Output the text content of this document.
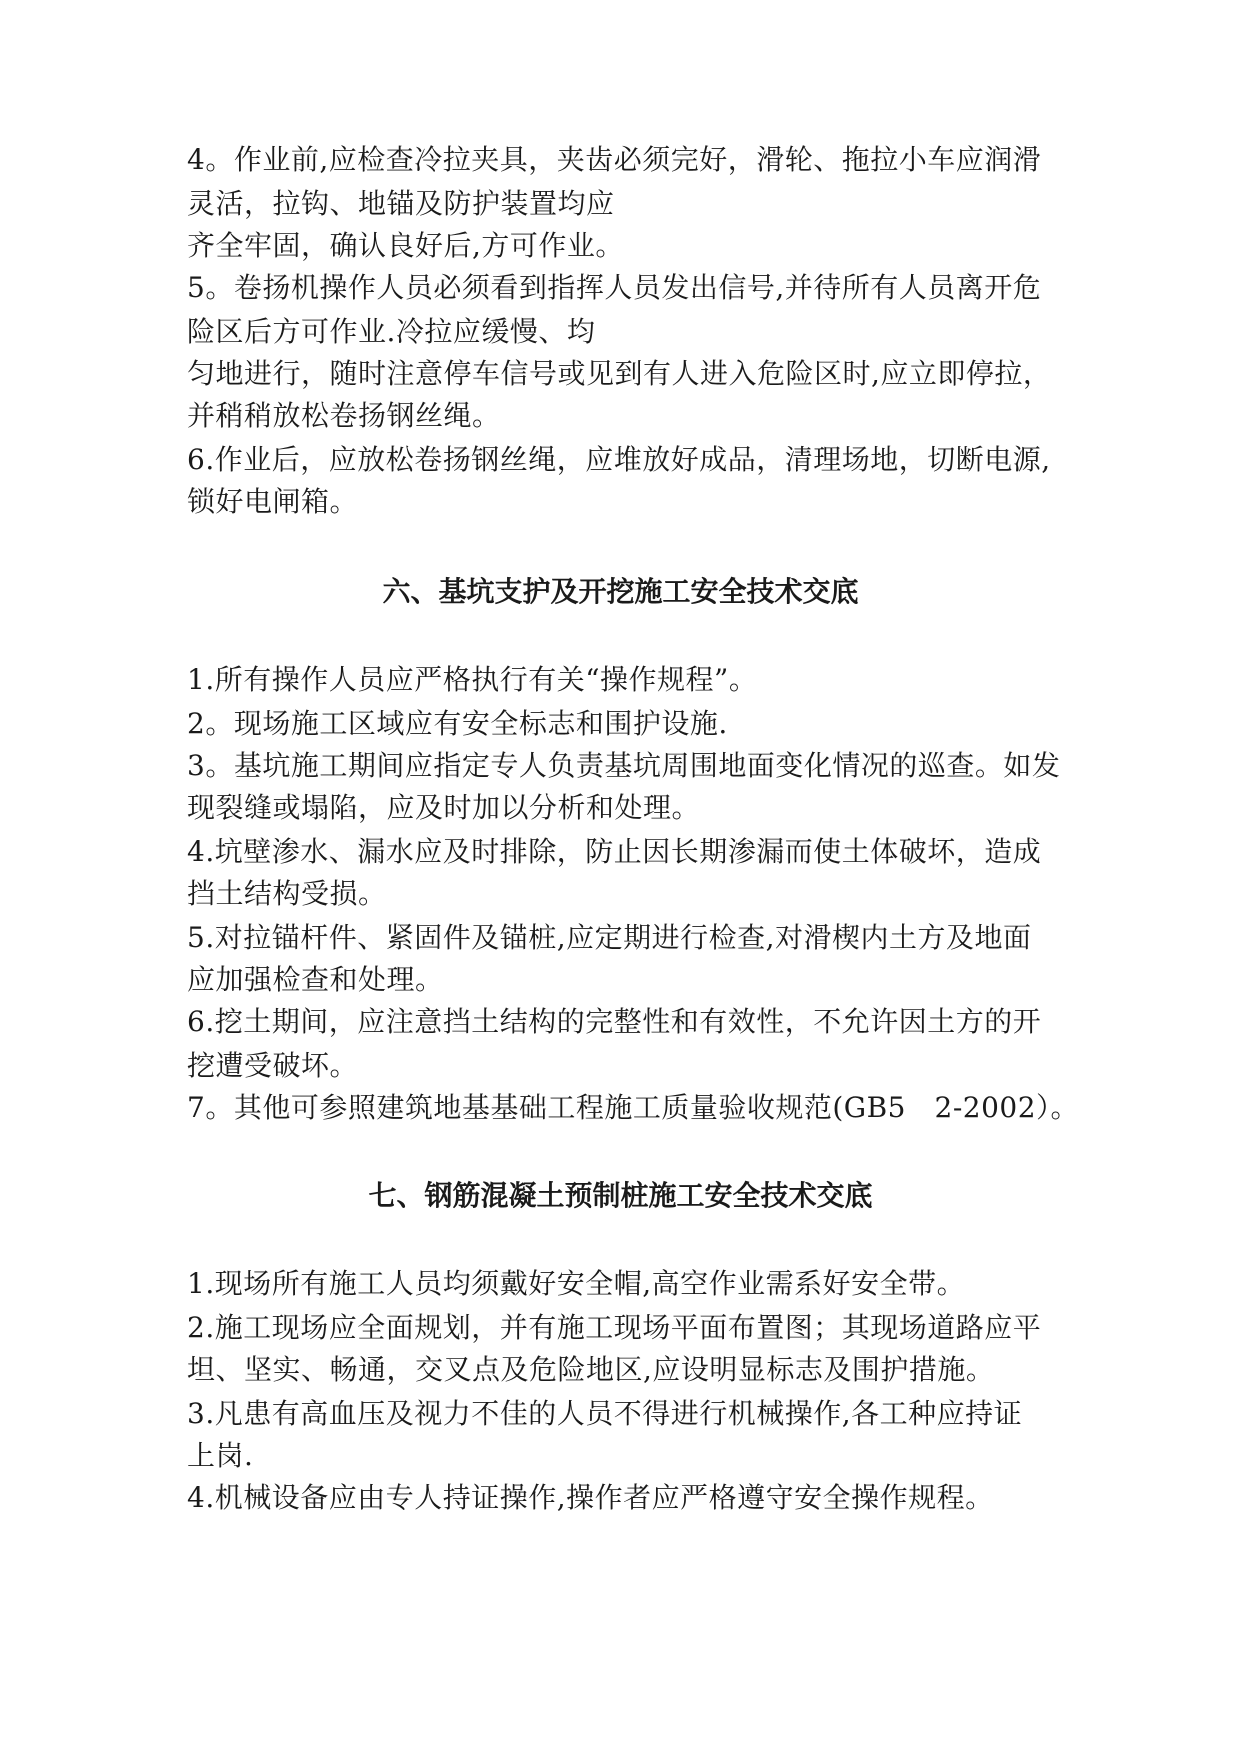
4。作业前,应检查冷拉夹具，夹齿必须完好，滑轮、拖拉小车应润滑
灵活，拉钩、地锚及防护装置均应
齐全牢固，确认良好后,方可作业。
5。卷扬机操作人员必须看到指挥人员发出信号,并待所有人员离开危
险区后方可作业.冷拉应缓慢、均
匀地进行，随时注意停车信号或见到有人进入危险区时,应立即停拉，
并稍稍放松卷扬钢丝绳。
6.作业后，应放松卷扬钢丝绳，应堆放好成品，清理场地，切断电源,
锁好电闸箱。
六、基坑支护及开挖施工安全技术交底
1.所有操作人员应严格执行有关“操作规程”。
2。现场施工区域应有安全标志和围护设施.
3。基坑施工期间应指定专人负责基坑周围地面变化情况的巡查。如发
现裂缝或塌陷，应及时加以分析和处理。
4.坑壁渗水、漏水应及时排除，防止因长期渗漏而使土体破坏，造成
挡土结构受损。
5.对拉锚杆件、紧固件及锚桩,应定期进行检查,对滑楔内土方及地面
应加强检查和处理。
6.挖土期间，应注意挡土结构的完整性和有效性，不允许因土方的开
挖遭受破坏。
7。其他可参照建筑地基基础工程施工质量验收规范(GB5　2-2002）。
七、钢筋混凝土预制桩施工安全技术交底
1.现场所有施工人员均须戴好安全帽,高空作业需系好安全带。
2.施工现场应全面规划，并有施工现场平面布置图；其现场道路应平
坦、坚实、畅通，交叉点及危险地区,应设明显标志及围护措施。
3.凡患有高血压及视力不佳的人员不得进行机械操作,各工种应持证
上岗.
4.机械设备应由专人持证操作,操作者应严格遵守安全操作规程。
